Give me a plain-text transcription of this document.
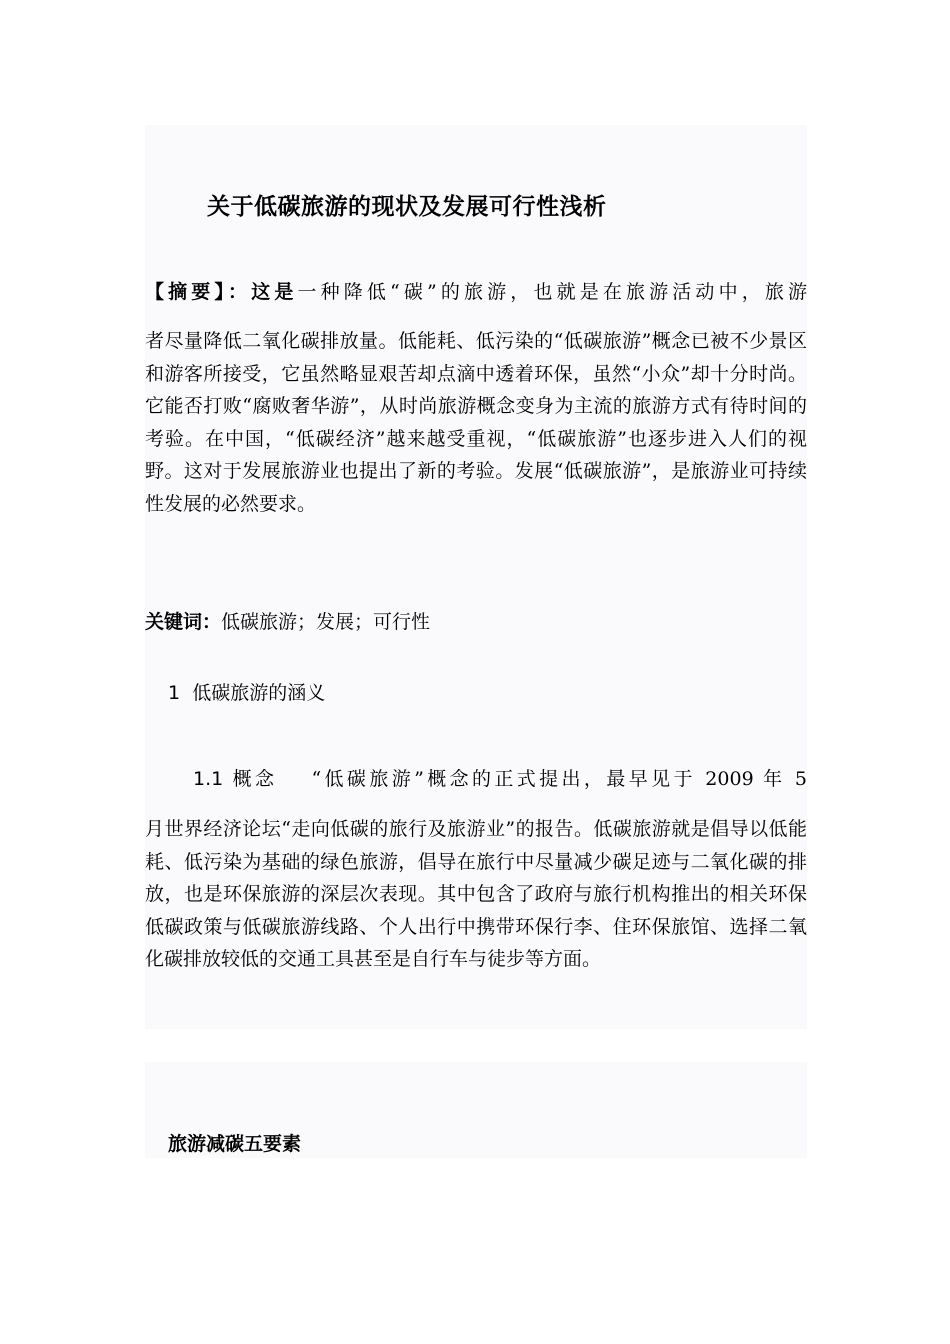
关于低碳旅游的现状及发展可行性浅析

【摘要】：这是一种降低“碳”的旅游，也就是在旅游活动中，旅游

者尽量降低二氧化碳排放量。低能耗、低污染的“低碳旅游”概念已被不少景区和游客所接受，它虽然略显艰苦却点滴中透着环保，虽然“小众”却十分时尚。它能否打败“腐败奢华游”，从时尚旅游概念变身为主流的旅游方式有待时间的考验。在中国，“低碳经济”越来越受重视，“低碳旅游”也逐步进入人们的视野。这对于发展旅游业也提出了新的考验。发展“低碳旅游”，是旅游业可持续性发展的必然要求。

关键词：低碳旅游；发展；可行性

1 低碳旅游的涵义

1.1 概念 “低碳旅游”概念的正式提出，最早见于 2009 年 5

月世界经济论坛“走向低碳的旅行及旅游业”的报告。低碳旅游就是倡导以低能耗、低污染为基础的绿色旅游，倡导在旅行中尽量减少碳足迹与二氧化碳的排放，也是环保旅游的深层次表现。其中包含了政府与旅行机构推出的相关环保低碳政策与低碳旅游线路、个人出行中携带环保行李、住环保旅馆、选择二氧化碳排放较低的交通工具甚至是自行车与徒步等方面。

旅游减碳五要素
